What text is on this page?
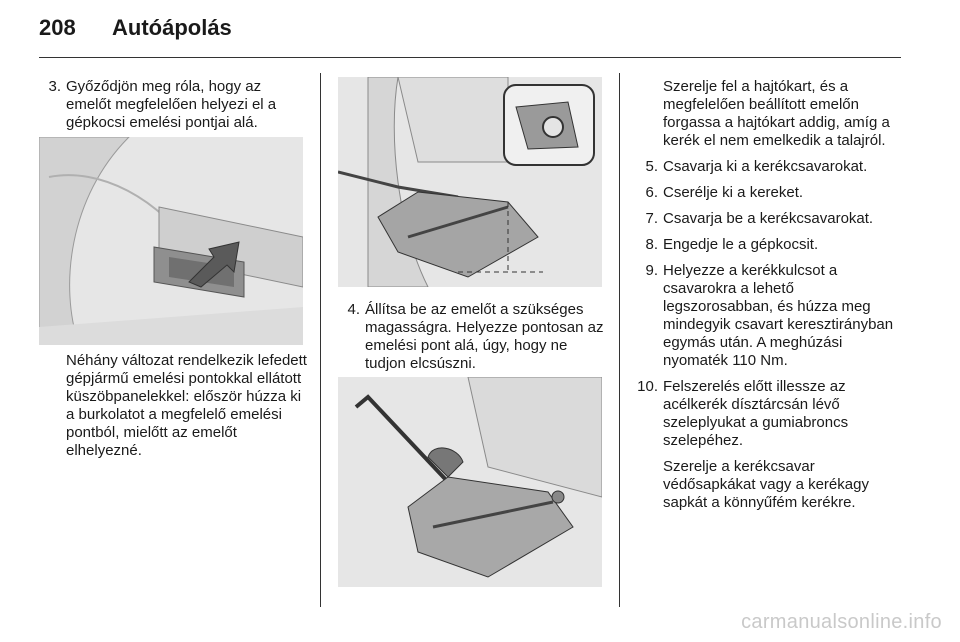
208 Autóápolás

3. Győződjön meg róla, hogy az emelőt megfelelően helyezi el a gépkocsi emelési pontjai alá.

Néhány változat rendelkezik lefedett gépjármű emelési pontokkal ellátott küszöbpanelekkel: először húzza ki a burkolatot a megfelelő emelési pontból, mielőtt az emelőt elhelyezné.

4. Állítsa be az emelőt a szükséges magasságra. Helyezze pontosan az emelési pont alá, úgy, hogy ne tudjon elcsúszni.

Szerelje fel a hajtókart, és a megfelelően beállított emelőn forgassa a hajtókart addig, amíg a kerék el nem emelkedik a talajról.

5. Csavarja ki a kerékcsavarokat.

6. Cserélje ki a kereket.

7. Csavarja be a kerékcsavarokat.

8. Engedje le a gépkocsit.

9. Helyezze a kerékkulcsot a csavarokra a lehető legszorosabban, és húzza meg mindegyik csavart keresztirányban egymás után. A meghúzási nyomaték 110 Nm.

10. Felszerelés előtt illessze az acélkerék dísztárcsán lévő szeleplyukat a gumiabroncs szelepéhez.

Szerelje a kerékcsavar védősapkákat vagy a kerékagy sapkát a könnyűfém kerékre.

carmanualsonline.info
